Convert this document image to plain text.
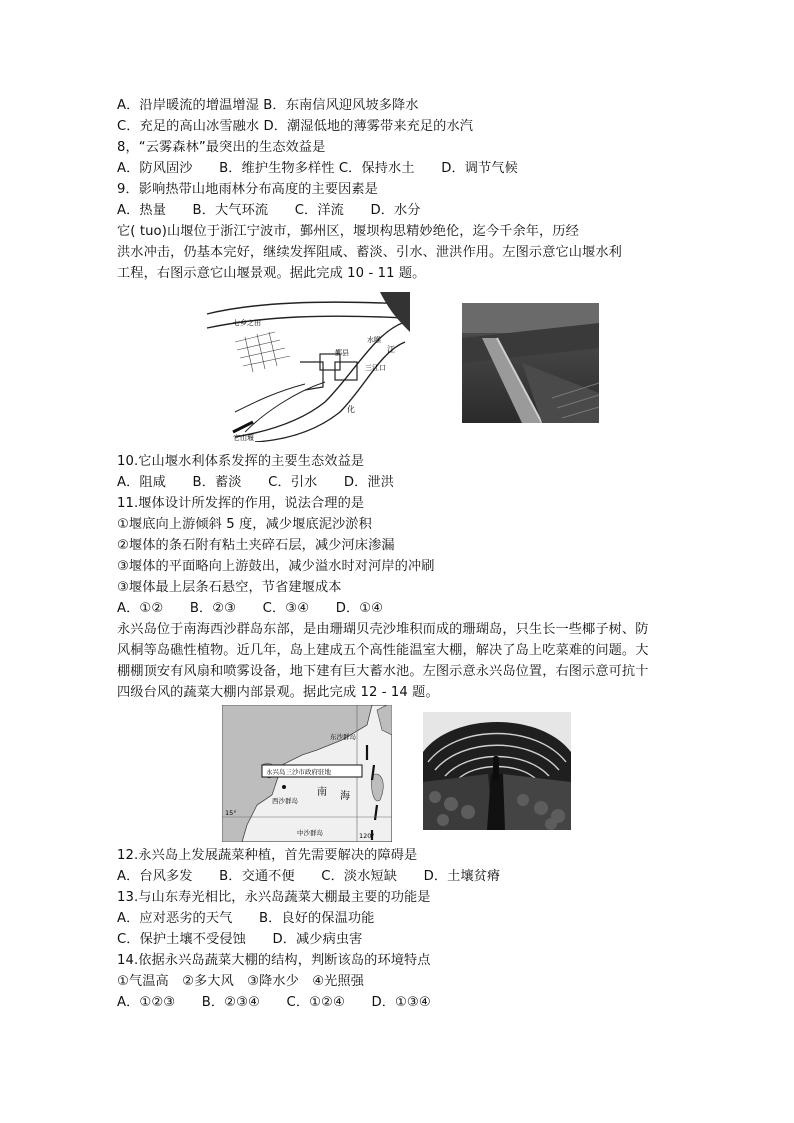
A．沿岸暖流的增温增湿 B．东南信风迎风坡多降水
C．充足的高山冰雪融水 D．潮湿低地的薄雾带来充足的水汽
8，“云雾森林”最突出的生态效益是
A．防风固沙　　B．维护生物多样性 C．保持水土　　D．调节气候
9．影响热带山地雨林分布高度的主要因素是
A．热量　　B．大气环流　　C．洋流　　D．水分
它( tuo)山堰位于浙江宁波市，鄞州区，堰坝构思精妙绝伦，迄今千余年，历经
洪水冲击，仍基本完好，继续发挥阻咸、蓄淡、引水、泄洪作用。左图示意它山堰水利
工程，右图示意它山堰景观。据此完成 10 - 11 题。
七乡之田
鄞县
三江口
水喉
江
化
它山堰
10.它山堰水利体系发挥的主要生态效益是
A．阻咸　　B．蓄淡　　C．引水　　D．泄洪
11.堰体设计所发挥的作用，说法合理的是
①堰底向上游倾斜 5 度，减少堰底泥沙淤积
②堰体的条石附有粘土夹碎石层，减少河床渗漏
③堰体的平面略向上游鼓出，减少溢水时对河岸的冲刷
③堰体最上层条石悬空，节省建堰成本
A．①②　　B．②③　　C．③④　　D．①④
永兴岛位于南海西沙群岛东部，是由珊瑚贝壳沙堆积而成的珊瑚岛，只生长一些椰子树、防
风桐等岛礁性植物。近几年，岛上建成五个高性能温室大棚，解决了岛上吃菜难的问题。大
棚棚顶安有风扇和喷雾设备，地下建有巨大蓄水池。左图示意永兴岛位置，右图示意可抗十
四级台风的蔬菜大棚内部景观。据此完成 12 - 14 题。
永兴岛三沙市政府驻地
东沙群岛
南 海
西沙群岛
中沙群岛
15°
120°
12.永兴岛上发展蔬菜种植，首先需要解决的障碍是
A．台风多发　　B．交通不便　　C．淡水短缺　　D．土壤贫瘠
13.与山东寿光相比，永兴岛蔬菜大棚最主要的功能是
A．应对恶劣的天气　　B．良好的保温功能
C．保护土壤不受侵蚀　　D．减少病虫害
14.依据永兴岛蔬菜大棚的结构，判断该岛的环境特点
①气温高　②多大风　③降水少　④光照强
A．①②③　　B．②③④　　C．①②④　　D．①③④
